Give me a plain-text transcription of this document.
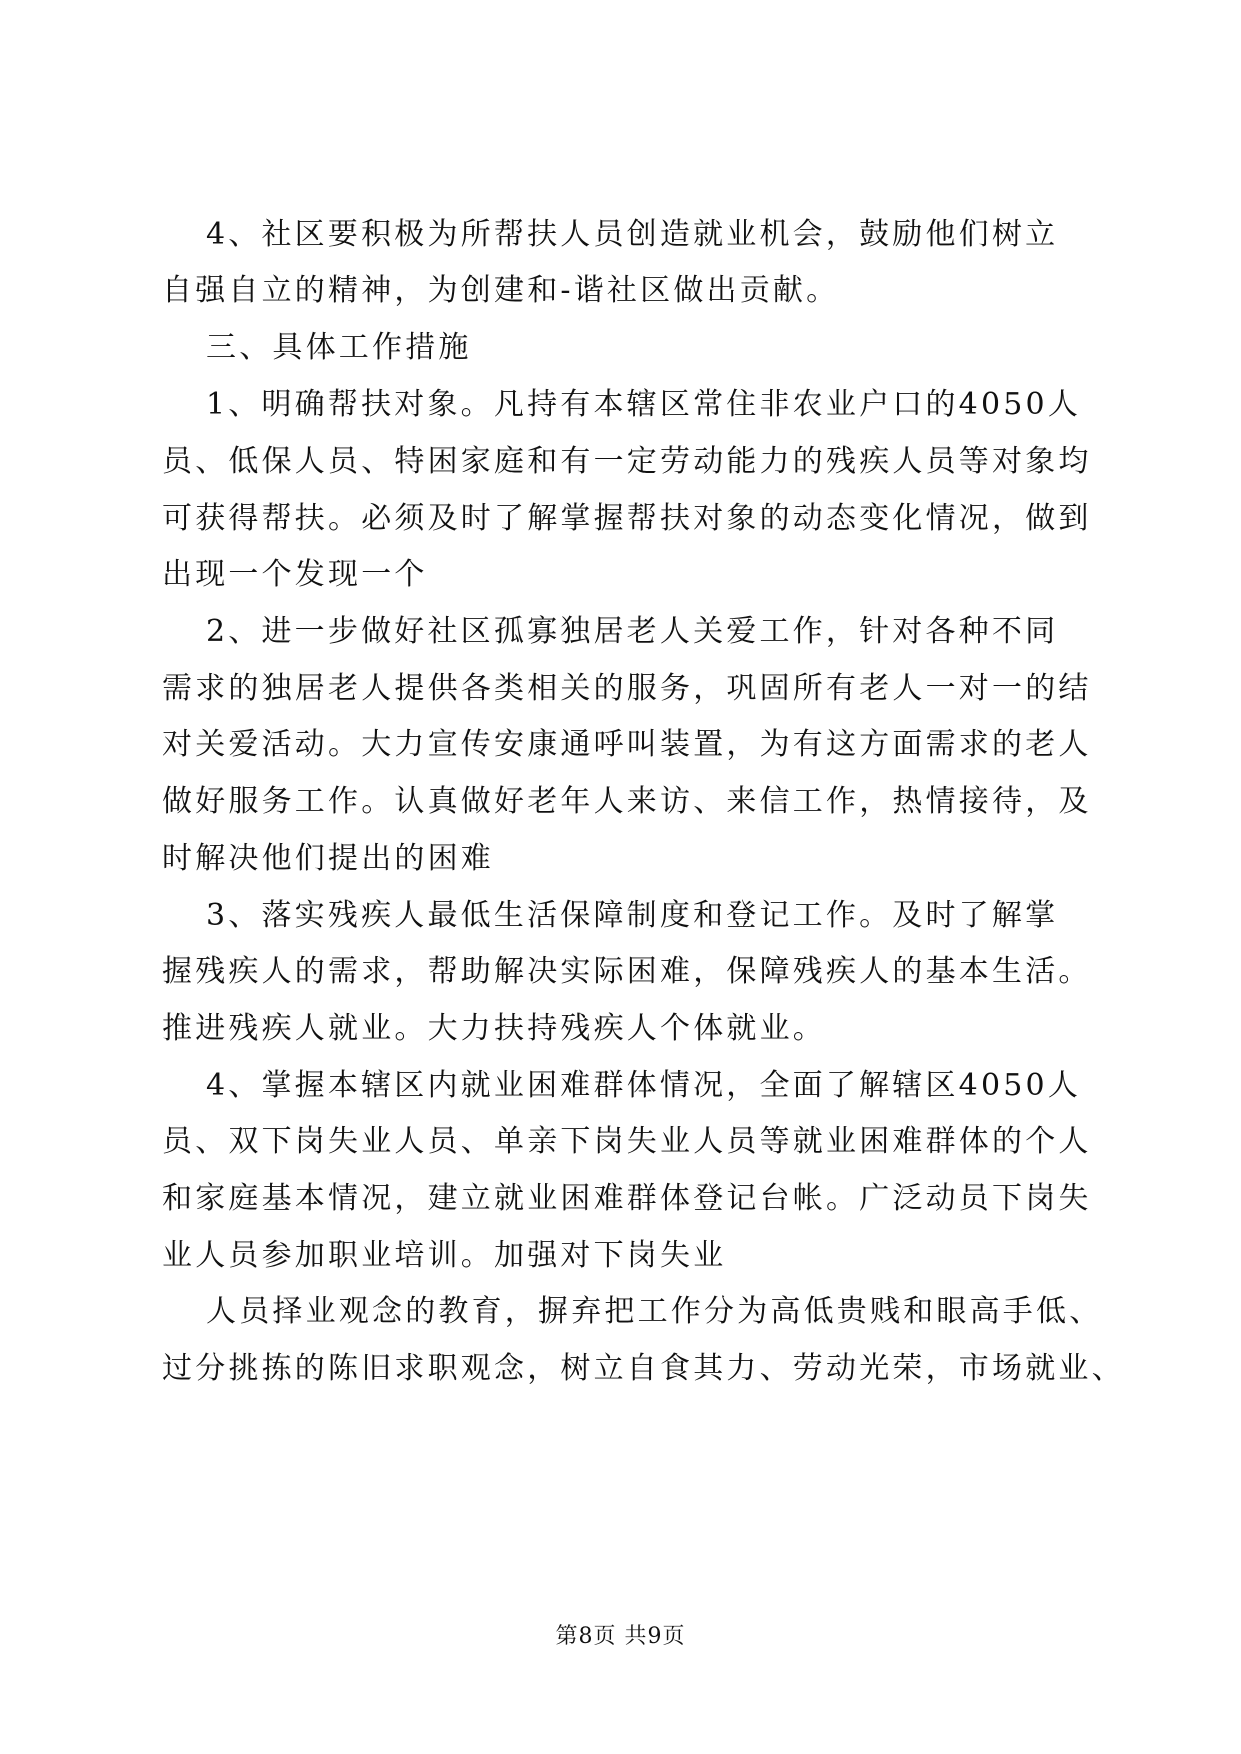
4、社区要积极为所帮扶人员创造就业机会，鼓励他们树立
自强自立的精神，为创建和-谐社区做出贡献。
三、具体工作措施
1、明确帮扶对象。凡持有本辖区常住非农业户口的4050人
员、低保人员、特困家庭和有一定劳动能力的残疾人员等对象均
可获得帮扶。必须及时了解掌握帮扶对象的动态变化情况，做到
出现一个发现一个
2、进一步做好社区孤寡独居老人关爱工作，针对各种不同
需求的独居老人提供各类相关的服务，巩固所有老人一对一的结
对关爱活动。大力宣传安康通呼叫装置，为有这方面需求的老人
做好服务工作。认真做好老年人来访、来信工作，热情接待，及
时解决他们提出的困难
3、落实残疾人最低生活保障制度和登记工作。及时了解掌
握残疾人的需求，帮助解决实际困难，保障残疾人的基本生活。
推进残疾人就业。大力扶持残疾人个体就业。
4、掌握本辖区内就业困难群体情况，全面了解辖区4050人
员、双下岗失业人员、单亲下岗失业人员等就业困难群体的个人
和家庭基本情况，建立就业困难群体登记台帐。广泛动员下岗失
业人员参加职业培训。加强对下岗失业
人员择业观念的教育，摒弃把工作分为高低贵贱和眼高手低、
过分挑拣的陈旧求职观念，树立自食其力、劳动光荣，市场就业、
第8页 共9页
